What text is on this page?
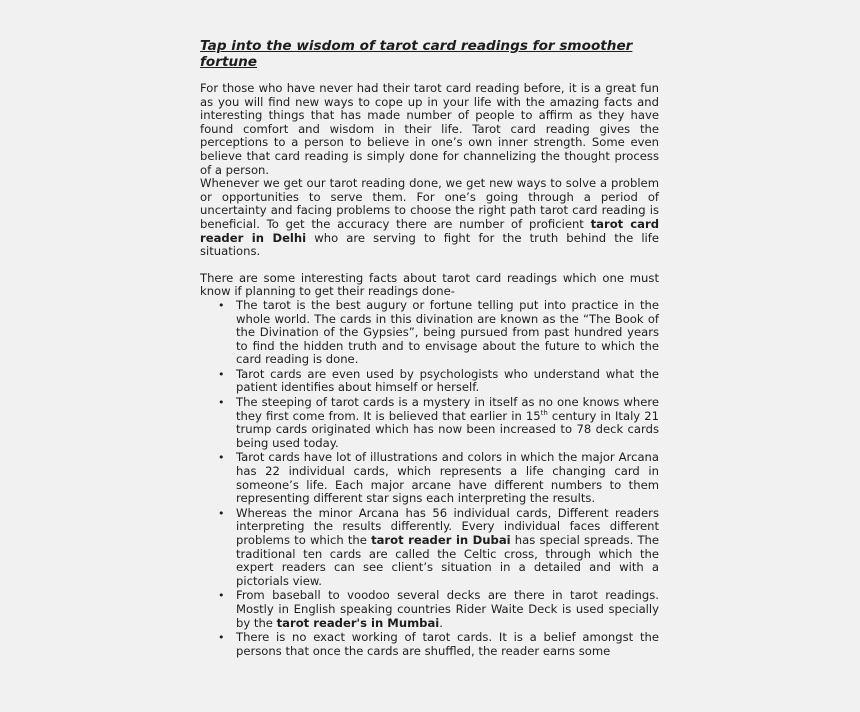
Tap into the wisdom of tarot card readings for smoother fortune

For those who have never had their tarot card reading before, it is a great fun as you will find new ways to cope up in your life with the amazing facts and interesting things that has made number of people to affirm as they have found comfort and wisdom in their life. Tarot card reading gives the perceptions to a person to believe in one’s own inner strength. Some even believe that card reading is simply done for channelizing the thought process of a person.

Whenever we get our tarot reading done, we get new ways to solve a problem or opportunities to serve them. For one’s going through a period of uncertainty and facing problems to choose the right path tarot card reading is beneficial. To get the accuracy there are number of proficient tarot card reader in Delhi who are serving to fight for the truth behind the life situations.

There are some interesting facts about tarot card readings which one must know if planning to get their readings done-

• The tarot is the best augury or fortune telling put into practice in the whole world. The cards in this divination are known as the “The Book of the Divination of the Gypsies”, being pursued from past hundred years to find the hidden truth and to envisage about the future to which the card reading is done.
• Tarot cards are even used by psychologists who understand what the patient identifies about himself or herself.
• The steeping of tarot cards is a mystery in itself as no one knows where they first come from. It is believed that earlier in 15th century in Italy 21 trump cards originated which has now been increased to 78 deck cards being used today.
• Tarot cards have lot of illustrations and colors in which the major Arcana has 22 individual cards, which represents a life changing card in someone’s life. Each major arcane have different numbers to them representing different star signs each interpreting the results.
• Whereas the minor Arcana has 56 individual cards, Different readers interpreting the results differently. Every individual faces different problems to which the tarot reader in Dubai has special spreads. The traditional ten cards are called the Celtic cross, through which the expert readers can see client’s situation in a detailed and with a pictorials view.
• From baseball to voodoo several decks are there in tarot readings. Mostly in English speaking countries Rider Waite Deck is used specially by the tarot reader's in Mumbai.
• There is no exact working of tarot cards. It is a belief amongst the persons that once the cards are shuffled, the reader earns some
